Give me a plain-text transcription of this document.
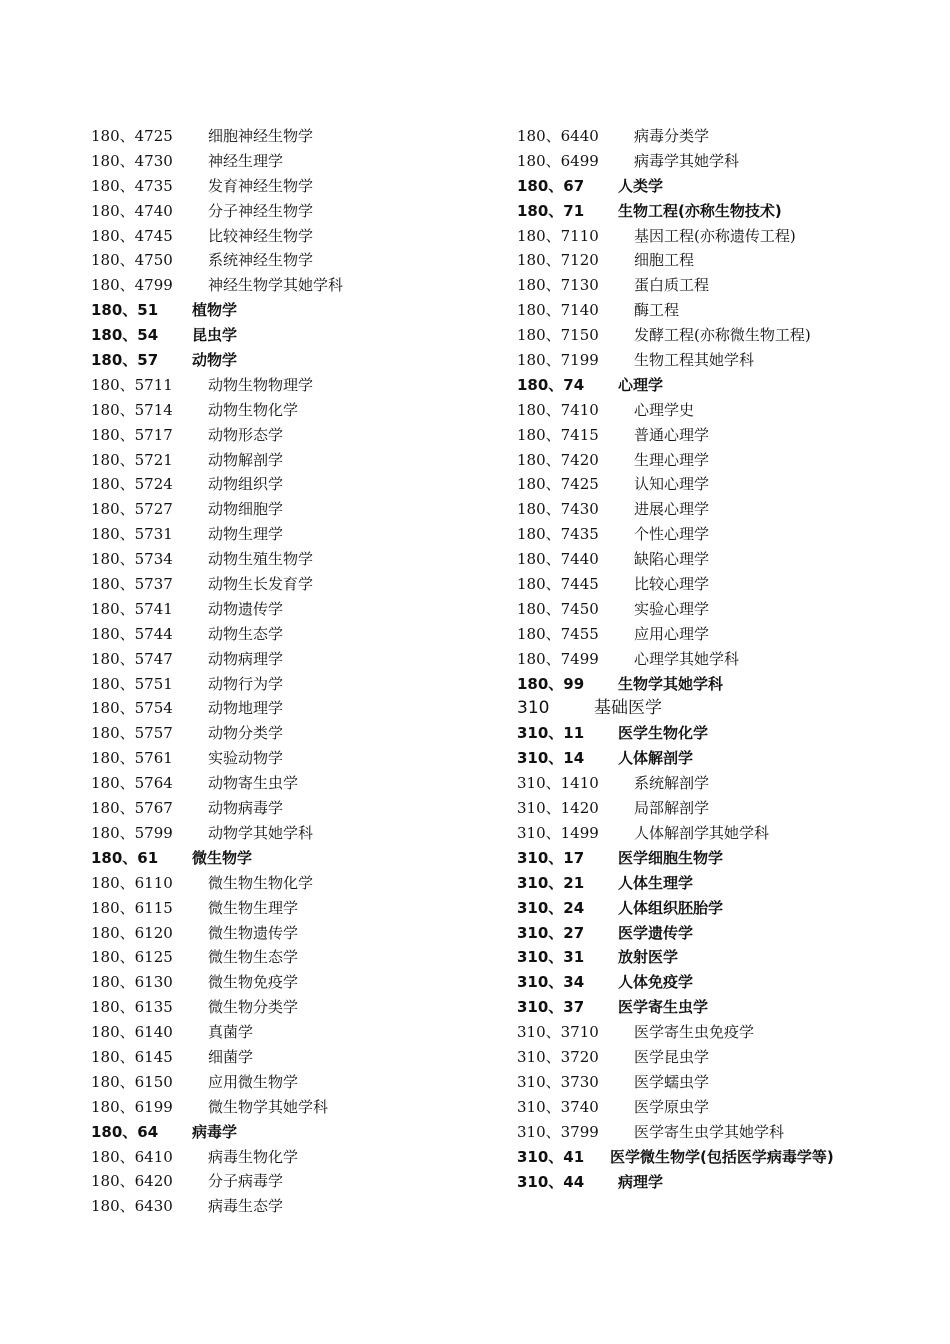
180、4725 细胞神经生物学
180、4730 神经生理学
180、4735 发育神经生物学
180、4740 分子神经生物学
180、4745 比较神经生物学
180、4750 系统神经生物学
180、4799 神经生物学其她学科
180、51 植物学
180、54 昆虫学
180、57 动物学
180、5711 动物生物物理学
180、5714 动物生物化学
180、5717 动物形态学
180、5721 动物解剖学
180、5724 动物组织学
180、5727 动物细胞学
180、5731 动物生理学
180、5734 动物生殖生物学
180、5737 动物生长发育学
180、5741 动物遗传学
180、5744 动物生态学
180、5747 动物病理学
180、5751 动物行为学
180、5754 动物地理学
180、5757 动物分类学
180、5761 实验动物学
180、5764 动物寄生虫学
180、5767 动物病毒学
180、5799 动物学其她学科
180、61 微生物学
180、6110 微生物生物化学
180、6115 微生物生理学
180、6120 微生物遗传学
180、6125 微生物生态学
180、6130 微生物免疫学
180、6135 微生物分类学
180、6140 真菌学
180、6145 细菌学
180、6150 应用微生物学
180、6199 微生物学其她学科
180、64 病毒学
180、6410 病毒生物化学
180、6420 分子病毒学
180、6430 病毒生态学
180、6440 病毒分类学
180、6499 病毒学其她学科
180、67 人类学
180、71 生物工程(亦称生物技术)
180、7110 基因工程(亦称遗传工程)
180、7120 细胞工程
180、7130 蛋白质工程
180、7140 酶工程
180、7150 发酵工程(亦称微生物工程)
180、7199 生物工程其她学科
180、74 心理学
180、7410 心理学史
180、7415 普通心理学
180、7420 生理心理学
180、7425 认知心理学
180、7430 进展心理学
180、7435 个性心理学
180、7440 缺陷心理学
180、7445 比较心理学
180、7450 实验心理学
180、7455 应用心理学
180、7499 心理学其她学科
180、99 生物学其她学科
310	基础医学
310、11 医学生物化学
310、14 人体解剖学
310、1410 系统解剖学
310、1420 局部解剖学
310、1499 人体解剖学其她学科
310、17 医学细胞生物学
310、21 人体生理学
310、24 人体组织胚胎学
310、27 医学遗传学
310、31 放射医学
310、34 人体免疫学
310、37 医学寄生虫学
310、3710 医学寄生虫免疫学
310、3720 医学昆虫学
310、3730 医学蠕虫学
310、3740 医学原虫学
310、3799 医学寄生虫学其她学科
310、41 医学微生物学(包括医学病毒学等)
310、44 病理学
